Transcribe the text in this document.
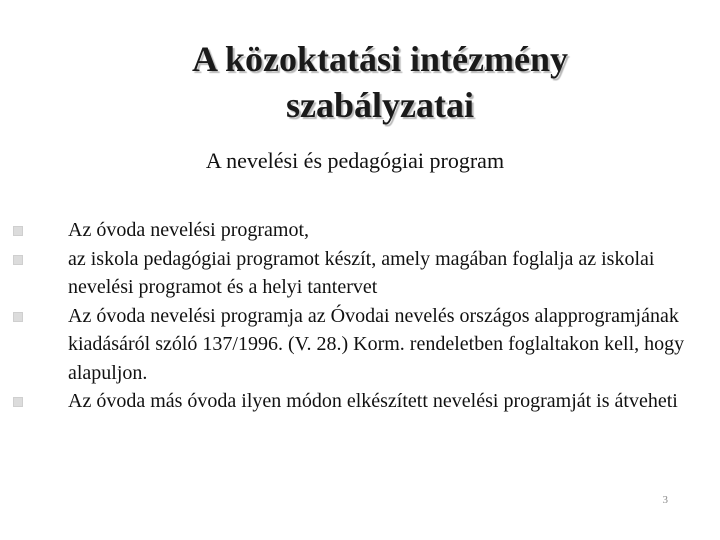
A közoktatási intézmény
szabályzatai

A nevelési és pedagógiai program

Az óvoda nevelési programot,
az iskola pedagógiai programot készít, amely magában foglalja az iskolai nevelési programot és a helyi tantervet
Az óvoda nevelési programja az Óvodai nevelés országos alapprogramjának kiadásáról szóló 137/1996. (V. 28.) Korm. rendeletben foglaltakon kell, hogy alapuljon.
Az óvoda más óvoda ilyen módon elkészített nevelési programját is átveheti
3
